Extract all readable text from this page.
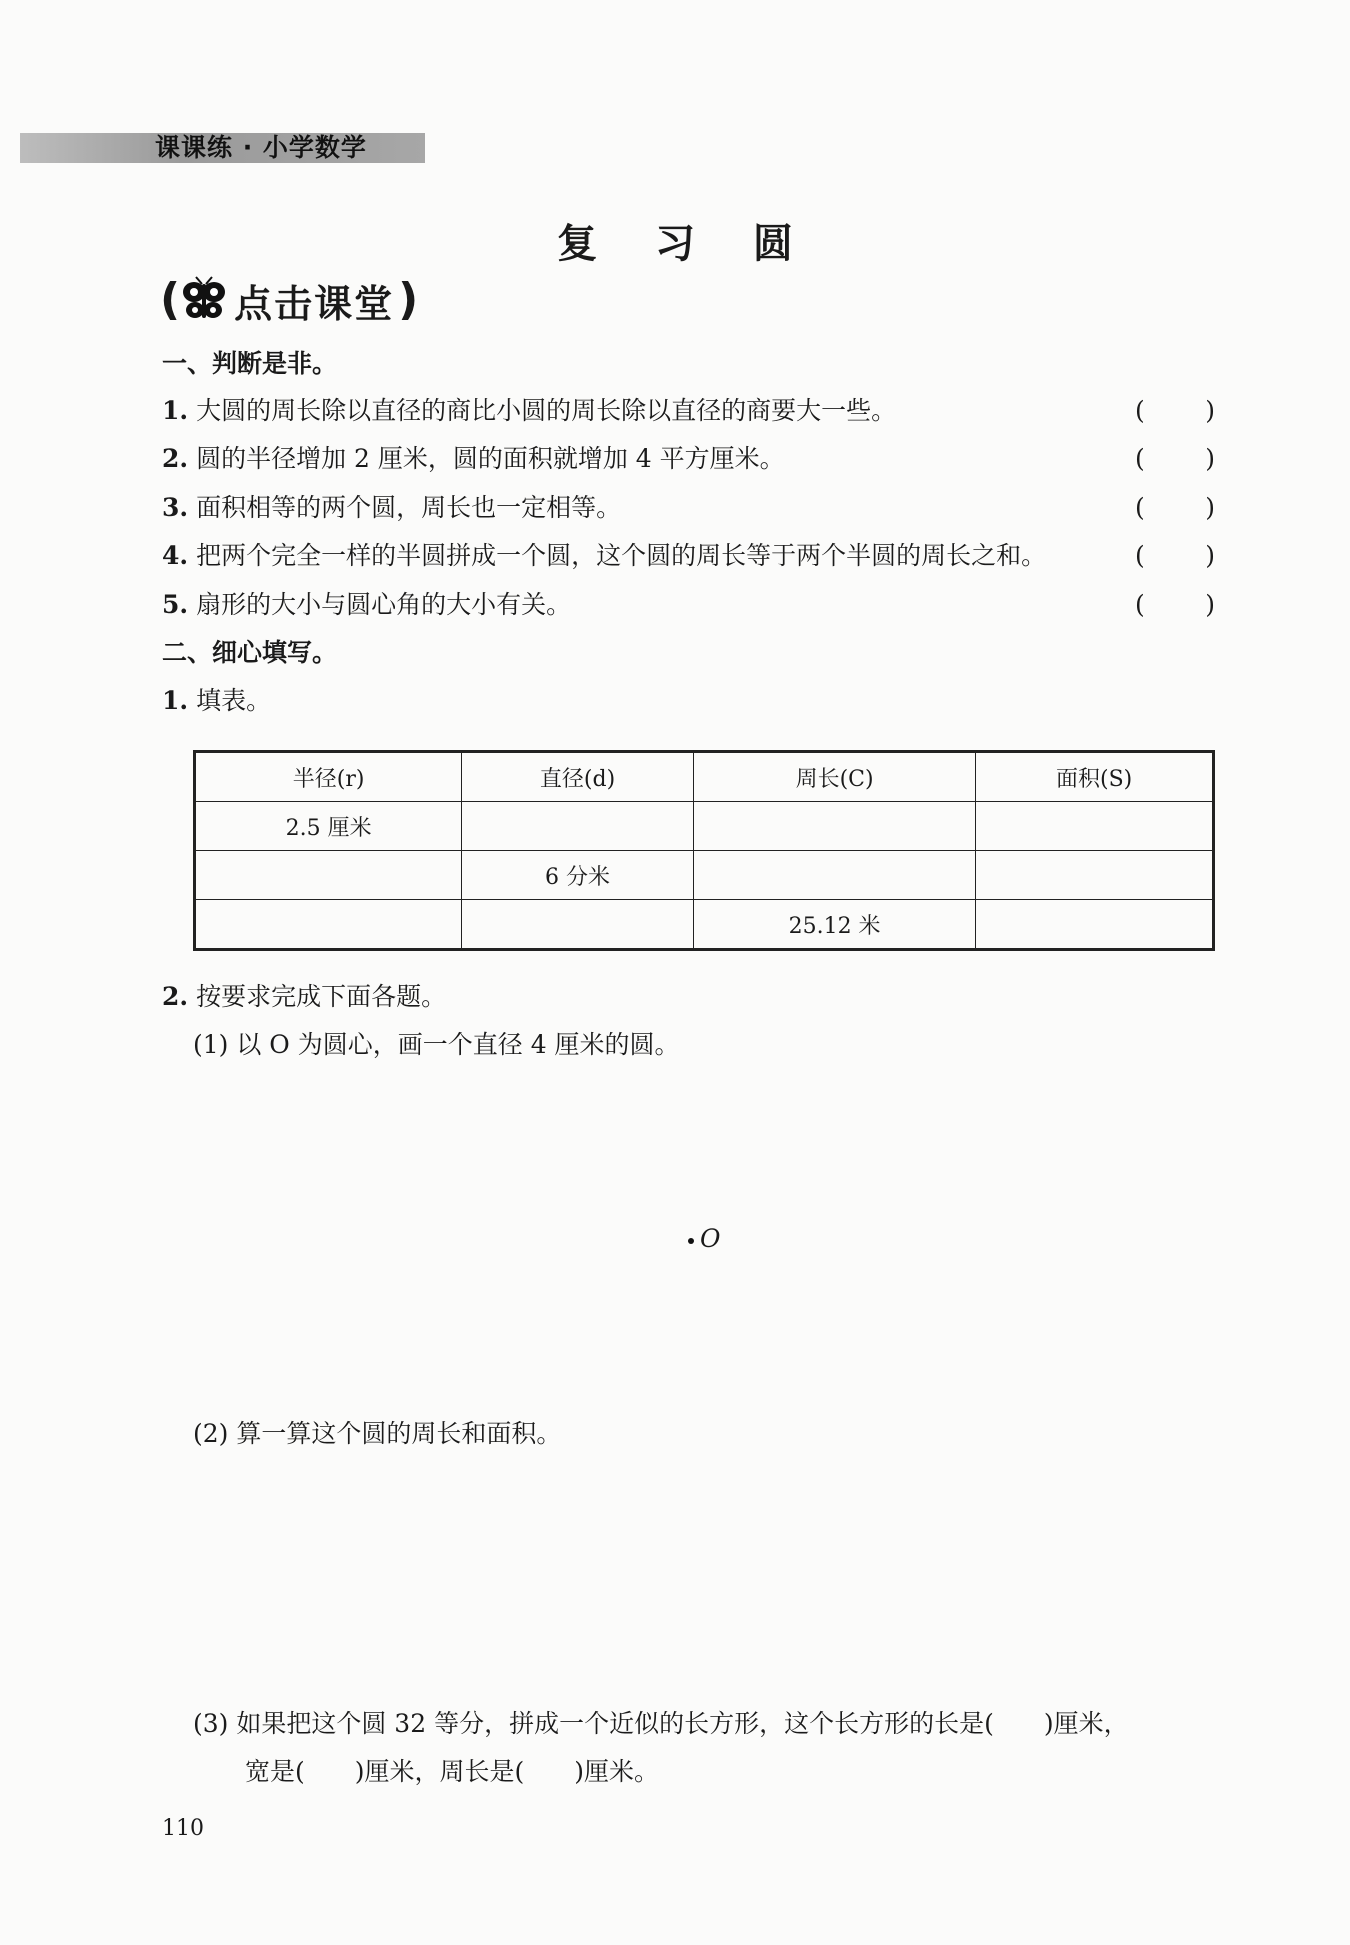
课课练 · 小学数学
复 习 圆
( 点击课堂 )
一、判断是非。
1. 大圆的周长除以直径的商比小圆的周长除以直径的商要大一些。	( )
2. 圆的半径增加 2 厘米，圆的面积就增加 4 平方厘米。	( )
3. 面积相等的两个圆，周长也一定相等。	( )
4. 把两个完全一样的半圆拼成一个圆，这个圆的周长等于两个半圆的周长之和。	( )
5. 扇形的大小与圆心角的大小有关。	( )
二、细心填写。
1. 填表。
半径(r)	直径(d)	周长(C)	面积(S)
2.5 厘米			
	6 分米		
		25.12 米	
2. 按要求完成下面各题。
(1) 以 O 为圆心，画一个直径 4 厘米的圆。
O
(2) 算一算这个圆的周长和面积。
(3) 如果把这个圆 32 等分，拼成一个近似的长方形，这个长方形的长是(　　)厘米，
宽是(　　)厘米，周长是(　　)厘米。
110
